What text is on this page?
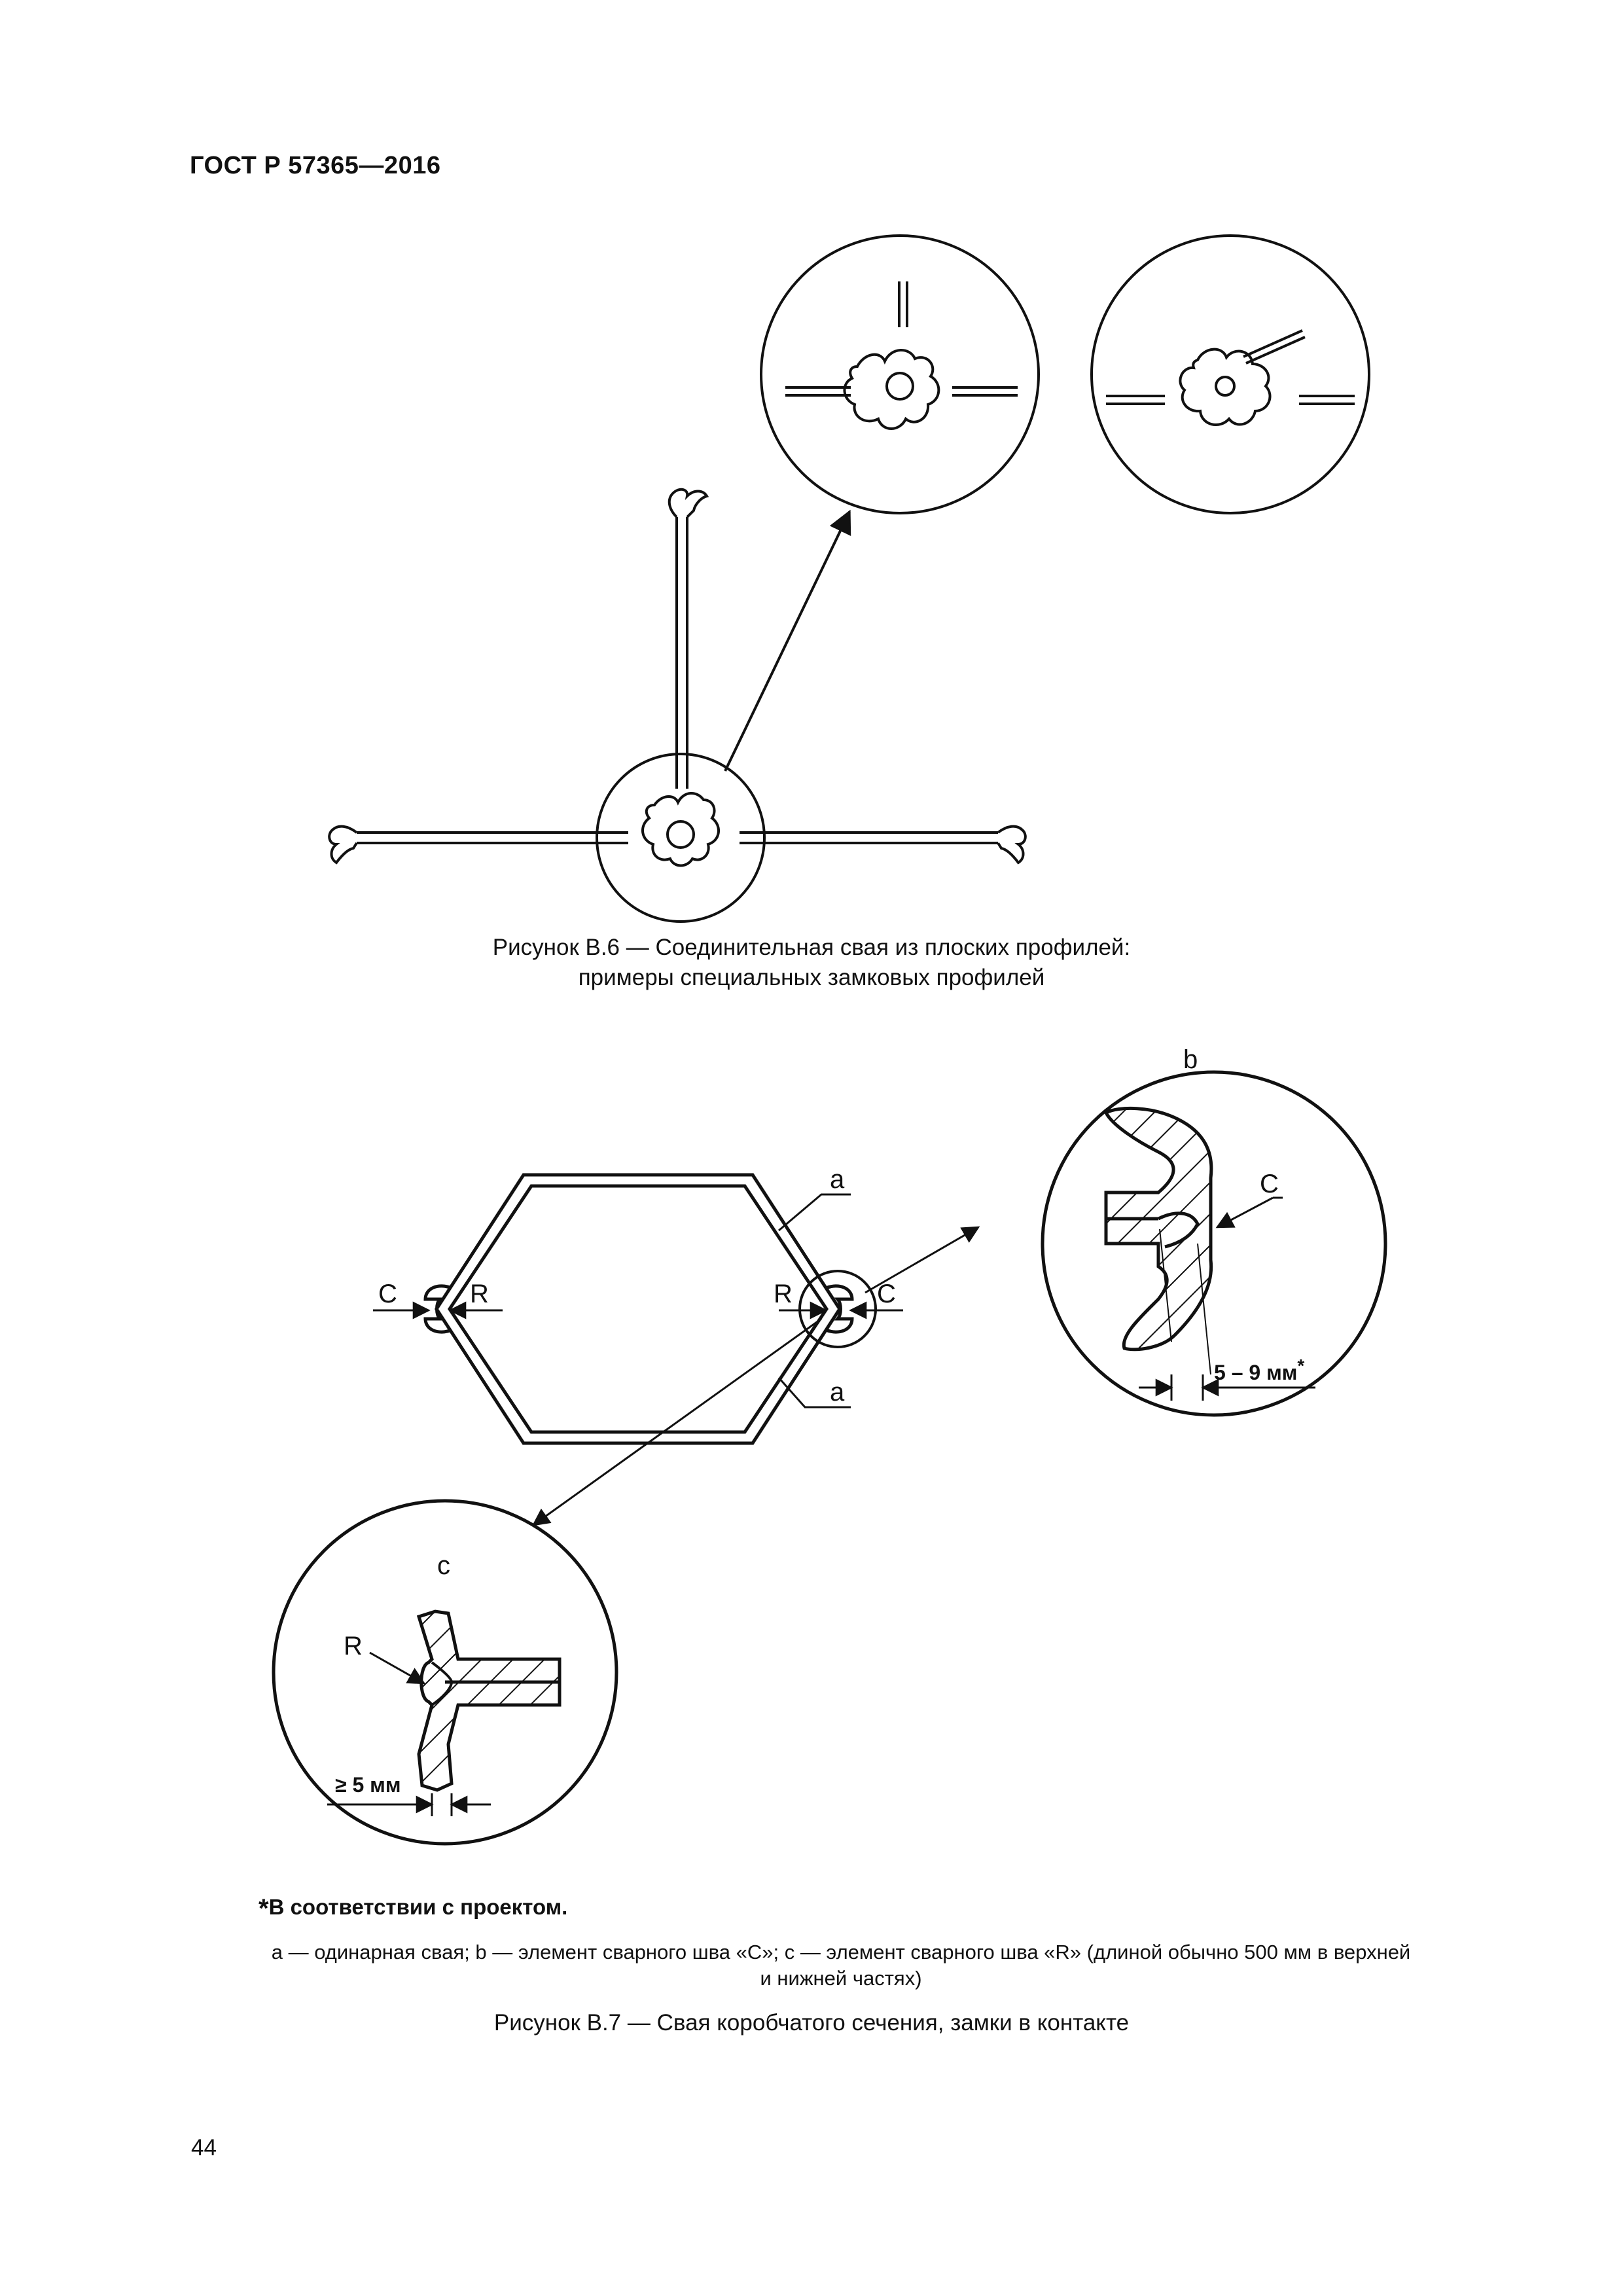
ГОСТ Р 57365—2016
b
C
5 – 9 мм*
c
R
≥ 5 мм
a
a
C	R	R	C
Рисунок В.6 — Соединительная свая из плоских профилей:
примеры специальных замковых профилей
*В соответствии с проектом.
a — одинарная свая; b — элемент сварного шва «C»; c — элемент сварного шва «R» (длиной обычно 500 мм в верхней
и нижней частях)
Рисунок В.7 — Свая коробчатого сечения, замки в контакте
44
